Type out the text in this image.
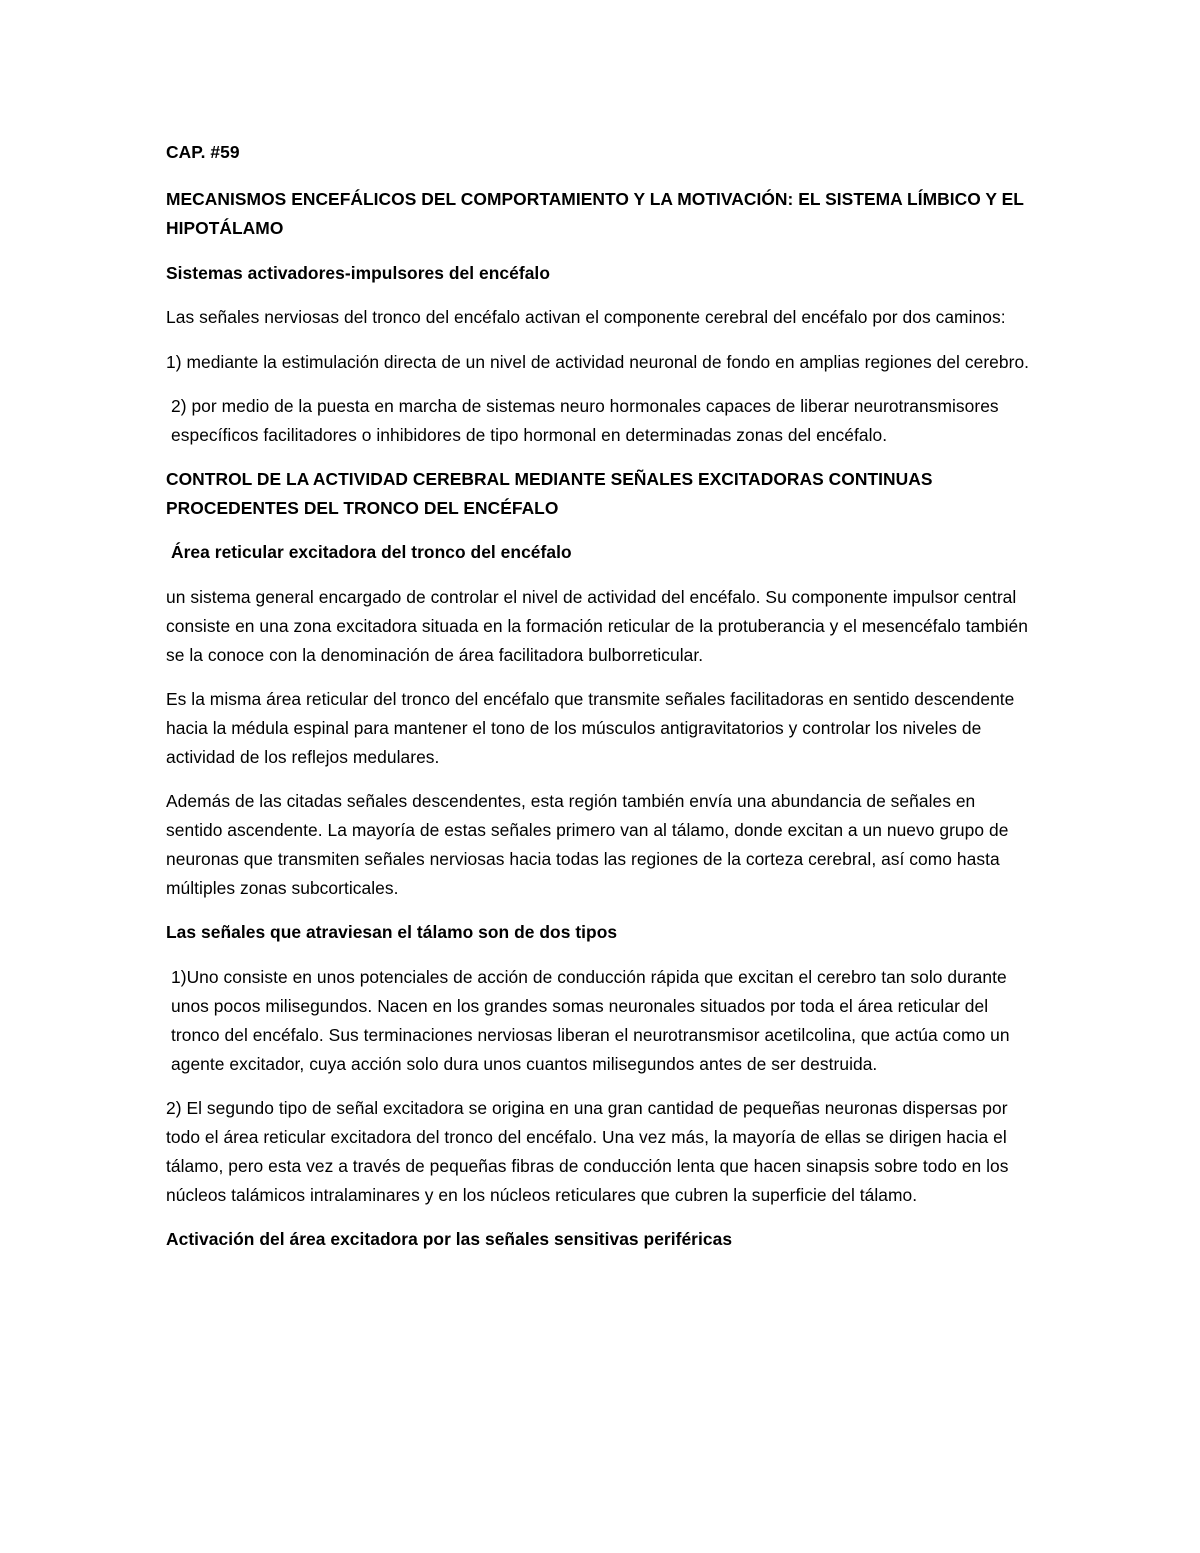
CAP. #59

MECANISMOS ENCEFÁLICOS DEL COMPORTAMIENTO Y LA MOTIVACIÓN: EL SISTEMA LÍMBICO Y EL HIPOTÁLAMO

Sistemas activadores-impulsores del encéfalo

Las señales nerviosas del tronco del encéfalo activan el componente cerebral del encéfalo por dos caminos:

1) mediante la estimulación directa de un nivel de actividad neuronal de fondo en amplias regiones del cerebro.

2) por medio de la puesta en marcha de sistemas neuro hormonales capaces de liberar neurotransmisores específicos facilitadores o inhibidores de tipo hormonal en determinadas zonas del encéfalo.

CONTROL DE LA ACTIVIDAD CEREBRAL MEDIANTE SEÑALES EXCITADORAS CONTINUAS PROCEDENTES DEL TRONCO DEL ENCÉFALO

Área reticular excitadora del tronco del encéfalo

un sistema general encargado de controlar el nivel de actividad del encéfalo. Su componente impulsor central consiste en una zona excitadora situada en la formación reticular de la protuberancia y el mesencéfalo también se la conoce con la denominación de área facilitadora bulborreticular.

Es la misma área reticular del tronco del encéfalo que transmite señales facilitadoras en sentido descendente hacia la médula espinal para mantener el tono de los músculos antigravitatorios y controlar los niveles de actividad de los reflejos medulares.

Además de las citadas señales descendentes, esta región también envía una abundancia de señales en sentido ascendente. La mayoría de estas señales primero van al tálamo, donde excitan a un nuevo grupo de neuronas que transmiten señales nerviosas hacia todas las regiones de la corteza cerebral, así como hasta múltiples zonas subcorticales.

Las señales que atraviesan el tálamo son de dos tipos

1)Uno consiste en unos potenciales de acción de conducción rápida que excitan el cerebro tan solo durante unos pocos milisegundos. Nacen en los grandes somas neuronales situados por toda el área reticular del tronco del encéfalo. Sus terminaciones nerviosas liberan el neurotransmisor acetilcolina, que actúa como un agente excitador, cuya acción solo dura unos cuantos milisegundos antes de ser destruida.

2) El segundo tipo de señal excitadora se origina en una gran cantidad de pequeñas neuronas dispersas por todo el área reticular excitadora del tronco del encéfalo. Una vez más, la mayoría de ellas se dirigen hacia el tálamo, pero esta vez a través de pequeñas fibras de conducción lenta que hacen sinapsis sobre todo en los núcleos talámicos intralaminares y en los núcleos reticulares que cubren la superficie del tálamo.

Activación del área excitadora por las señales sensitivas periféricas
